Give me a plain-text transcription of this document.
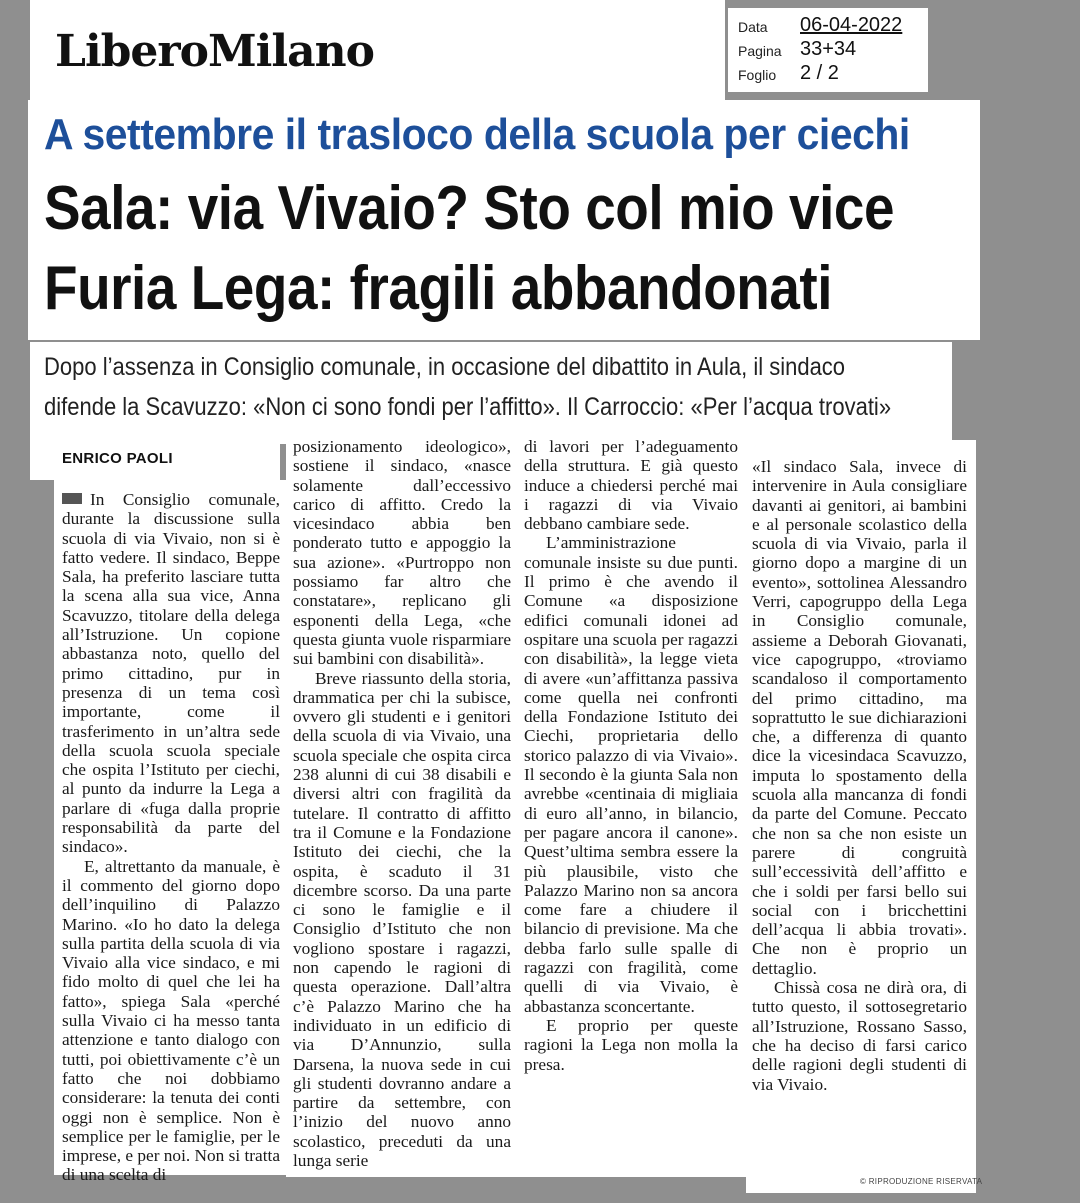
LiberoMilano	Data 06-04-2022
Pagina 33+34
Foglio 2 / 2
A settembre il trasloco della scuola per ciechi
Sala: via Vivaio? Sto col mio vice
Furia Lega: fragili abbandonati
Dopo l’assenza in Consiglio comunale, in occasione del dibattito in Aula, il sindaco
difende la Scavuzzo: «Non ci sono fondi per l’affitto». Il Carroccio: «Per l’acqua trovati»
ENRICO PAOLI

In Consiglio comunale, durante la discussione sulla scuola di via Vivaio, non si è fatto vedere. Il sindaco, Beppe Sala, ha preferito lasciare tutta la scena alla sua vice, Anna Scavuzzo, titolare della delega all’Istruzione. Un copione abbastanza noto, quello del primo cittadino, pur in presenza di un tema così importante, come il trasferimento in un’altra sede della scuola scuola speciale che ospita l’Istituto per ciechi, al punto da indurre la Lega a parlare di «fuga dalla proprie responsabilità da parte del sindaco».

E, altrettanto da manuale, è il commento del giorno dopo dell’inquilino di Palazzo Marino. «Io ho dato la delega sulla partita della scuola di via Vivaio alla vice sindaco, e mi fido molto di quel che lei ha fatto», spiega Sala «perché sulla Vivaio ci ha messo tanta attenzione e tanto dialogo con tutti, poi obiettivamente c’è un fatto che noi dobbiamo considerare: la tenuta dei conti oggi non è semplice. Non è semplice per le famiglie, per le imprese, e per noi. Non si tratta di una scelta di

posizionamento ideologico», sostiene il sindaco, «nasce solamente dall’eccessivo carico di affitto. Credo la vicesindaco abbia ben ponderato tutto e appoggio la sua azione». «Purtroppo non possiamo far altro che constatare», replicano gli esponenti della Lega, «che questa giunta vuole risparmiare sui bambini con disabilità».

Breve riassunto della storia, drammatica per chi la subisce, ovvero gli studenti e i genitori della scuola di via Vivaio, una scuola speciale che ospita circa 238 alunni di cui 38 disabili e diversi altri con fragilità da tutelare. Il contratto di affitto tra il Comune e la Fondazione Istituto dei ciechi, che la ospita, è scaduto il 31 dicembre scorso. Da una parte ci sono le famiglie e il Consiglio d’Istituto che non vogliono spostare i ragazzi, non capendo le ragioni di questa operazione. Dall’altra c’è Palazzo Marino che ha individuato in un edificio di via D’Annunzio, sulla Darsena, la nuova sede in cui gli studenti dovranno andare a partire da settembre, con l’inizio del nuovo anno scolastico, preceduti da una lunga serie

di lavori per l’adeguamento della struttura. E già questo induce a chiedersi perché mai i ragazzi di via Vivaio debbano cambiare sede.

L’amministrazione comunale insiste su due punti. Il primo è che avendo il Comune «a disposizione edifici comunali idonei ad ospitare una scuola per ragazzi con disabilità», la legge vieta di avere «un’affittanza passiva come quella nei confronti della Fondazione Istituto dei Ciechi, proprietaria dello storico palazzo di via Vivaio». Il secondo è la giunta Sala non avrebbe «centinaia di migliaia di euro all’anno, in bilancio, per pagare ancora il canone». Quest’ultima sembra essere la più plausibile, visto che Palazzo Marino non sa ancora come fare a chiudere il bilancio di previsione. Ma che debba farlo sulle spalle di ragazzi con fragilità, come quelli di via Vivaio, è abbastanza sconcertante.

E proprio per queste ragioni la Lega non molla la presa.

«Il sindaco Sala, invece di intervenire in Aula consigliare davanti ai genitori, ai bambini e al personale scolastico della scuola di via Vivaio, parla il giorno dopo a margine di un evento», sottolinea Alessandro Verri, capogruppo della Lega in Consiglio comunale, assieme a Deborah Giovanati, vice capogruppo, «troviamo scandaloso il comportamento del primo cittadino, ma soprattutto le sue dichiarazioni che, a differenza di quanto dice la vicesindaca Scavuzzo, imputa lo spostamento della scuola alla mancanza di fondi da parte del Comune. Peccato che non sa che non esiste un parere di congruità sull’eccessività dell’affitto e che i soldi per farsi bello sui social con i bricchettini dell’acqua li abbia trovati». Che non è proprio un dettaglio.

Chissà cosa ne dirà ora, di tutto questo, il sottosegretario all’Istruzione, Rossano Sasso, che ha deciso di farsi carico delle ragioni degli studenti di via Vivaio.

© RIPRODUZIONE RISERVATA
